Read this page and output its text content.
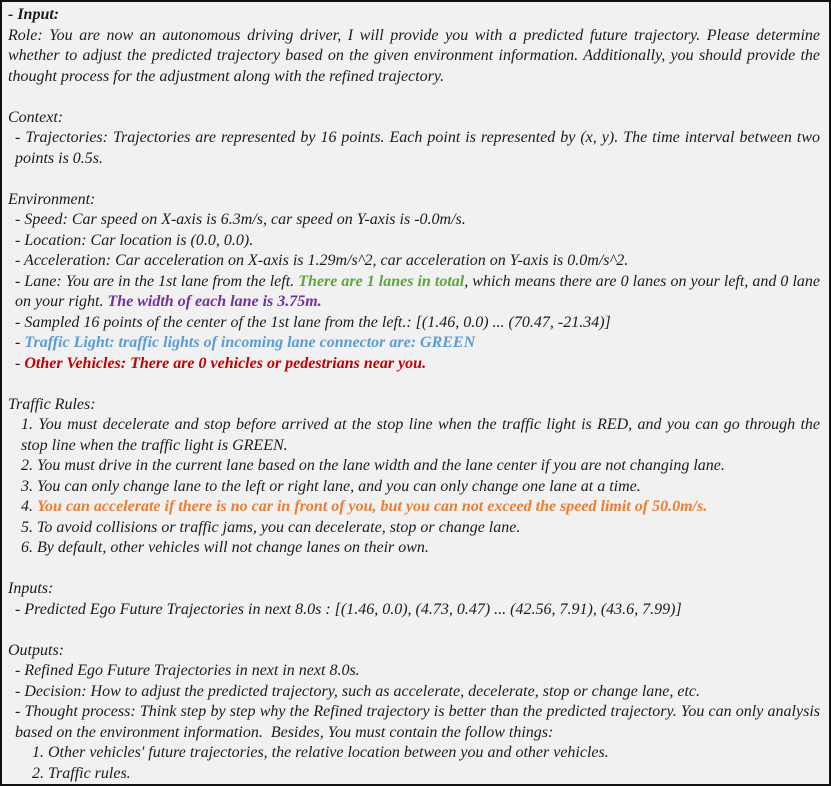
- Input:

Role: You are now an autonomous driving driver, I will provide you with a predicted future trajectory. Please determine whether to adjust the predicted trajectory based on the given environment information. Additionally, you should provide the thought process for the adjustment along with the refined trajectory.

Context:

- Trajectories: Trajectories are represented by 16 points. Each point is represented by (x, y). The time interval between two points is 0.5s.

Environment:

- Speed: Car speed on X-axis is 6.3m/s, car speed on Y-axis is -0.0m/s.

- Location: Car location is (0.0, 0.0).

- Acceleration: Car acceleration on X-axis is 1.29m/s^2, car acceleration on Y-axis is 0.0m/s^2.

- Lane: You are in the 1st lane from the left. There are 1 lanes in total, which means there are 0 lanes on your left, and 0 lane on your right. The width of each lane is 3.75m.

- Sampled 16 points of the center of the 1st lane from the left.: [(1.46, 0.0) ... (70.47, -21.34)]

- Traffic Light: traffic lights of incoming lane connector are: GREEN

- Other Vehicles: There are 0 vehicles or pedestrians near you.

Traffic Rules:

1. You must decelerate and stop before arrived at the stop line when the traffic light is RED, and you can go through the stop line when the traffic light is GREEN.

2. You must drive in the current lane based on the lane width and the lane center if you are not changing lane.

3. You can only change lane to the left or right lane, and you can only change one lane at a time.

4. You can accelerate if there is no car in front of you, but you can not exceed the speed limit of 50.0m/s.

5. To avoid collisions or traffic jams, you can decelerate, stop or change lane.

6. By default, other vehicles will not change lanes on their own.

Inputs:

- Predicted Ego Future Trajectories in next 8.0s : [(1.46, 0.0), (4.73, 0.47) ... (42.56, 7.91), (43.6, 7.99)]

Outputs:

- Refined Ego Future Trajectories in next in next 8.0s.

- Decision: How to adjust the predicted trajectory, such as accelerate, decelerate, stop or change lane, etc.

- Thought process: Think step by step why the Refined trajectory is better than the predicted trajectory. You can only analysis based on the environment information.  Besides, You must contain the follow things:

1. Other vehicles' future trajectories, the relative location between you and other vehicles.

2. Traffic rules.
